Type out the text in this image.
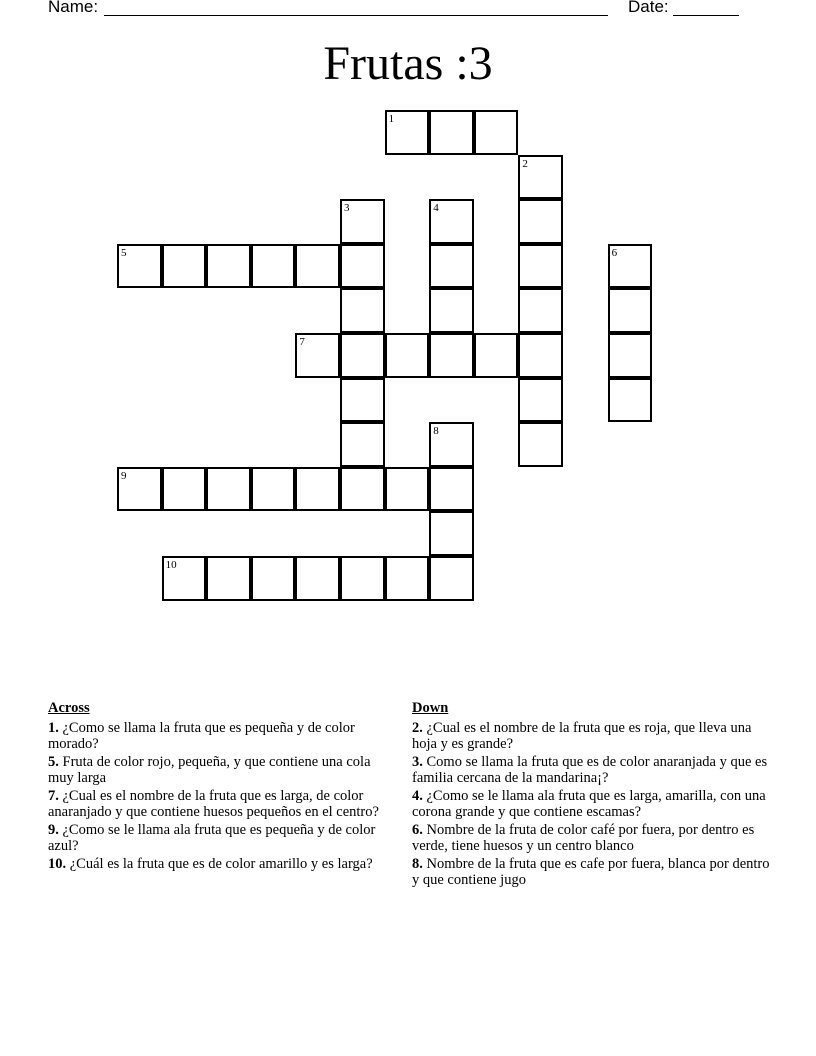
Name:	Date:
Frutas :3
1
2
3	4
5	6
7
8
9
10
Across
1. ¿Como se llama la fruta que es pequeña y de color morado?
5. Fruta de color rojo, pequeña, y que contiene una cola muy larga
7. ¿Cual es el nombre de la fruta que es larga, de color anaranjado y que contiene huesos pequeños en el centro?
9. ¿Como se le llama ala fruta que es pequeña y de color azul?
10. ¿Cuál es la fruta que es de color amarillo y es larga?
Down
2. ¿Cual es el nombre de la fruta que es roja, que lleva una hoja y es grande?
3. Como se llama la fruta que es de color anaranjada y que es familia cercana de la mandarina¡?
4. ¿Como se le llama ala fruta que es larga, amarilla, con una corona grande y que contiene escamas?
6. Nombre de la fruta de color café por fuera, por dentro es verde, tiene huesos y un centro blanco
8. Nombre de la fruta que es cafe por fuera, blanca por dentro y que contiene jugo
